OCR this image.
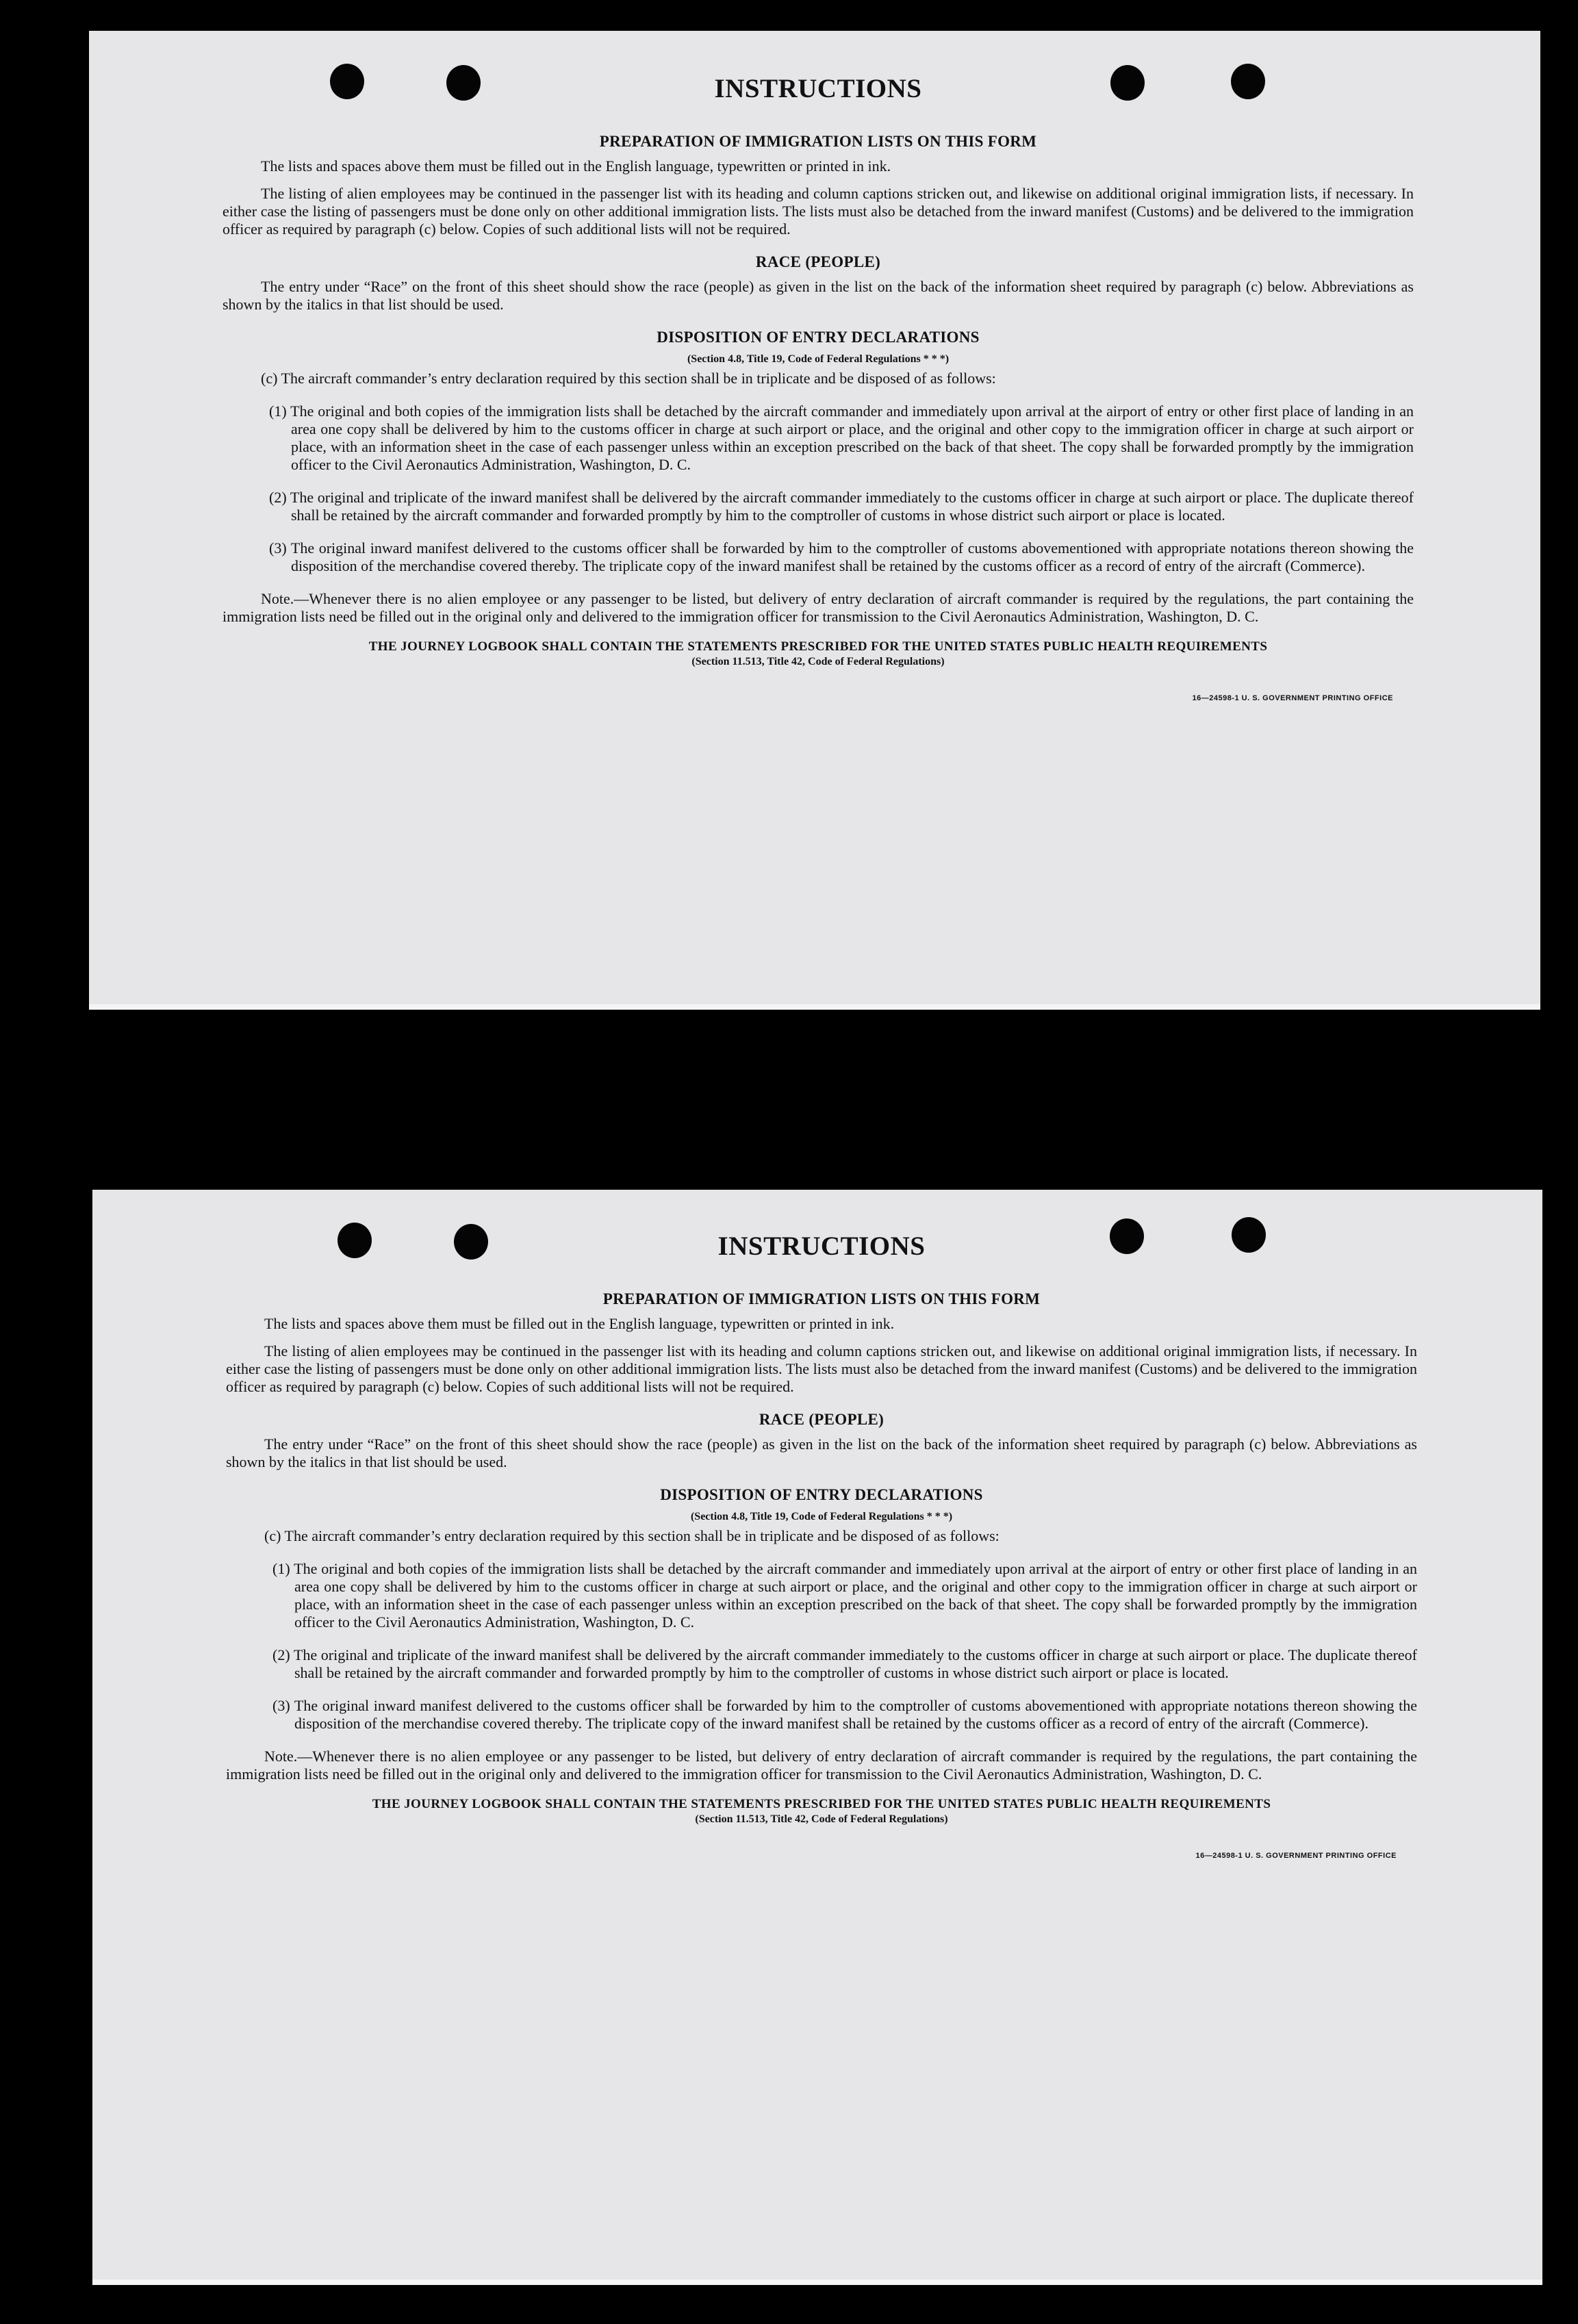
INSTRUCTIONS
PREPARATION OF IMMIGRATION LISTS ON THIS FORM

The lists and spaces above them must be filled out in the English language, typewritten or printed in ink.

The listing of alien employees may be continued in the passenger list with its heading and column captions stricken out, and likewise on additional original immigration lists, if necessary. In either case the listing of passengers must be done only on other additional immigration lists. The lists must also be detached from the inward manifest (Customs) and be delivered to the immigration officer as required by paragraph (c) below. Copies of such additional lists will not be required.

RACE (PEOPLE)

The entry under “Race” on the front of this sheet should show the race (people) as given in the list on the back of the information sheet required by paragraph (c) below. Abbreviations as shown by the italics in that list should be used.

DISPOSITION OF ENTRY DECLARATIONS
(Section 4.8, Title 19, Code of Federal Regulations * * *)

(c) The aircraft commander’s entry declaration required by this section shall be in triplicate and be disposed of as follows:

(1) The original and both copies of the immigration lists shall be detached by the aircraft commander and immediately upon arrival at the airport of entry or other first place of landing in an area one copy shall be delivered by him to the customs officer in charge at such airport or place, and the original and other copy to the immigration officer in charge at such airport or place, with an information sheet in the case of each passenger unless within an exception prescribed on the back of that sheet. The copy shall be forwarded promptly by the immigration officer to the Civil Aeronautics Administration, Washington, D. C.

(2) The original and triplicate of the inward manifest shall be delivered by the aircraft commander immediately to the customs officer in charge at such airport or place. The duplicate thereof shall be retained by the aircraft commander and forwarded promptly by him to the comptroller of customs in whose district such airport or place is located.

(3) The original inward manifest delivered to the customs officer shall be forwarded by him to the comptroller of customs abovementioned with appropriate notations thereon showing the disposition of the merchandise covered thereby. The triplicate copy of the inward manifest shall be retained by the customs officer as a record of entry of the aircraft (Commerce).

Note.—Whenever there is no alien employee or any passenger to be listed, but delivery of entry declaration of aircraft commander is required by the regulations, the part containing the immigration lists need be filled out in the original only and delivered to the immigration officer for transmission to the Civil Aeronautics Administration, Washington, D. C.

THE JOURNEY LOGBOOK SHALL CONTAIN THE STATEMENTS PRESCRIBED FOR THE UNITED STATES PUBLIC HEALTH REQUIREMENTS
(Section 11.513, Title 42, Code of Federal Regulations)
16—24598-1 U. S. GOVERNMENT PRINTING OFFICE
INSTRUCTIONS
PREPARATION OF IMMIGRATION LISTS ON THIS FORM

The lists and spaces above them must be filled out in the English language, typewritten or printed in ink.

The listing of alien employees may be continued in the passenger list with its heading and column captions stricken out, and likewise on additional original immigration lists, if necessary. In either case the listing of passengers must be done only on other additional immigration lists. The lists must also be detached from the inward manifest (Customs) and be delivered to the immigration officer as required by paragraph (c) below. Copies of such additional lists will not be required.

RACE (PEOPLE)

The entry under “Race” on the front of this sheet should show the race (people) as given in the list on the back of the information sheet required by paragraph (c) below. Abbreviations as shown by the italics in that list should be used.

DISPOSITION OF ENTRY DECLARATIONS
(Section 4.8, Title 19, Code of Federal Regulations * * *)

(c) The aircraft commander’s entry declaration required by this section shall be in triplicate and be disposed of as follows:

(1) The original and both copies of the immigration lists shall be detached by the aircraft commander and immediately upon arrival at the airport of entry or other first place of landing in an area one copy shall be delivered by him to the customs officer in charge at such airport or place, and the original and other copy to the immigration officer in charge at such airport or place, with an information sheet in the case of each passenger unless within an exception prescribed on the back of that sheet. The copy shall be forwarded promptly by the immigration officer to the Civil Aeronautics Administration, Washington, D. C.

(2) The original and triplicate of the inward manifest shall be delivered by the aircraft commander immediately to the customs officer in charge at such airport or place. The duplicate thereof shall be retained by the aircraft commander and forwarded promptly by him to the comptroller of customs in whose district such airport or place is located.

(3) The original inward manifest delivered to the customs officer shall be forwarded by him to the comptroller of customs abovementioned with appropriate notations thereon showing the disposition of the merchandise covered thereby. The triplicate copy of the inward manifest shall be retained by the customs officer as a record of entry of the aircraft (Commerce).

Note.—Whenever there is no alien employee or any passenger to be listed, but delivery of entry declaration of aircraft commander is required by the regulations, the part containing the immigration lists need be filled out in the original only and delivered to the immigration officer for transmission to the Civil Aeronautics Administration, Washington, D. C.

THE JOURNEY LOGBOOK SHALL CONTAIN THE STATEMENTS PRESCRIBED FOR THE UNITED STATES PUBLIC HEALTH REQUIREMENTS
(Section 11.513, Title 42, Code of Federal Regulations)
16—24598-1 U. S. GOVERNMENT PRINTING OFFICE
